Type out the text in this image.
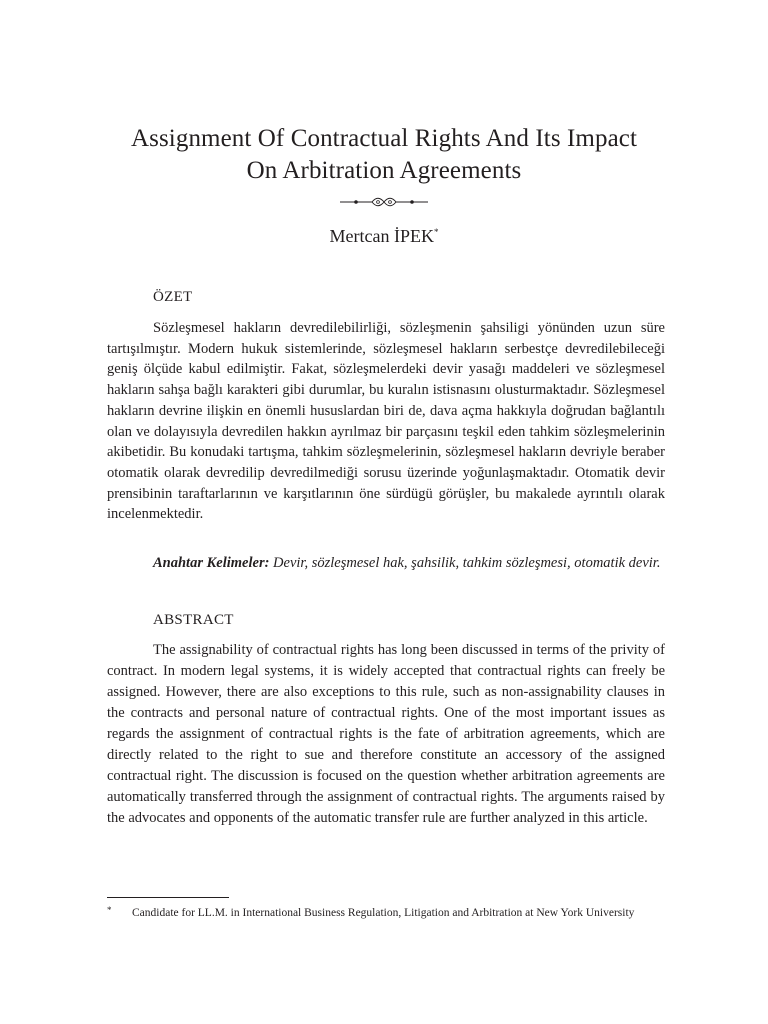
Assignment Of Contractual Rights And Its Impact
On Arbitration Agreements
Mertcan İPEK*
ÖZET

Sözleşmesel hakların devredilebilirliği, sözleşmenin şahsiligi yönünden uzun süre tartışılmıştır. Modern hukuk sistemlerinde, sözleşmesel hakların serbestçe devredilebileceği geniş ölçüde kabul edilmiştir. Fakat, sözleşmelerdeki devir yasağı maddeleri ve sözleşmesel hakların sahşa bağlı karakteri gibi durumlar, bu kuralın istisnasını olusturmaktadır. Sözleşmesel hakların devrine ilişkin en önemli hususlardan biri de, dava açma hakkıyla doğrudan bağlantılı olan ve dolayısıyla devredilen hakkın ayrılmaz bir parçasını teşkil eden tahkim sözleşmelerinin akibetidir. Bu konudaki tartışma, tahkim sözleşmelerinin, sözleşmesel hakların devriyle beraber otomatik olarak devredilip devredilmediği sorusu üzerinde yoğunlaşmaktadır. Otomatik devir prensibinin taraftarlarının ve karşıtlarının öne sürdügü görüşler, bu makalede ayrıntılı olarak incelenmektedir.

Anahtar Kelimeler: Devir, sözleşmesel hak, şahsilik, tahkim sözleşmesi, otomatik devir.

ABSTRACT

The assignability of contractual rights has long been discussed in terms of the privity of contract. In modern legal systems, it is widely accepted that contractual rights can freely be assigned. However, there are also exceptions to this rule, such as non-assignability clauses in the contracts and personal nature of contractual rights. One of the most important issues as regards the assignment of contractual rights is the fate of arbitration agreements, which are directly related to the right to sue and therefore constitute an accessory of the assigned contractual right. The discussion is focused on the question whether arbitration agreements are automatically transferred through the assignment of contractual rights. The arguments raised by the advocates and opponents of the automatic transfer rule are further analyzed in this article.

* Candidate for LL.M. in International Business Regulation, Litigation and Arbitration at New York University
